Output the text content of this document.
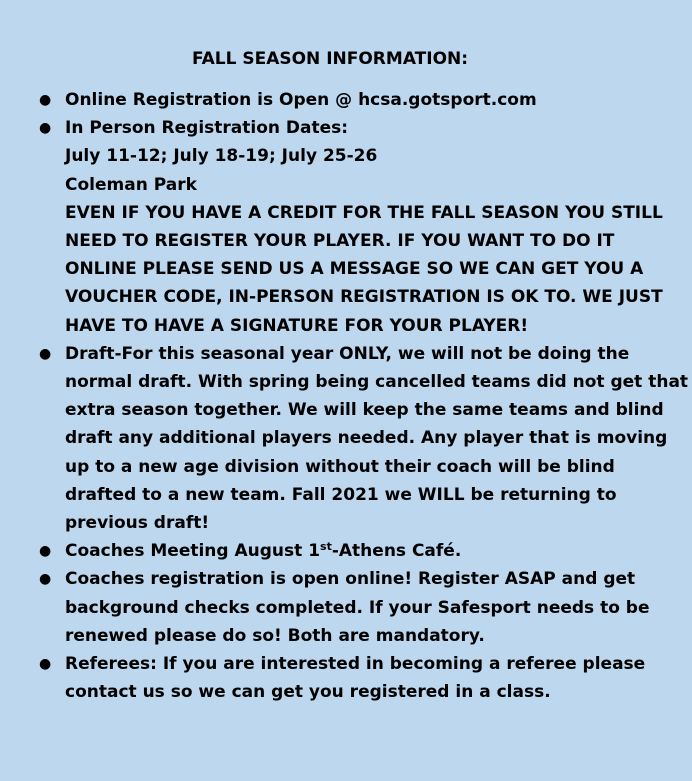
FALL SEASON INFORMATION:
● Online Registration is Open @ hcsa.gotsport.com
● In Person Registration Dates:
July 11-12; July 18-19; July 25-26
Coleman Park
EVEN IF YOU HAVE A CREDIT FOR THE FALL SEASON YOU STILL
NEED TO REGISTER YOUR PLAYER. IF YOU WANT TO DO IT
ONLINE PLEASE SEND US A MESSAGE SO WE CAN GET YOU A
VOUCHER CODE, IN-PERSON REGISTRATION IS OK TO. WE JUST
HAVE TO HAVE A SIGNATURE FOR YOUR PLAYER!
● Draft-For this seasonal year ONLY, we will not be doing the
normal draft. With spring being cancelled teams did not get that
extra season together. We will keep the same teams and blind
draft any additional players needed. Any player that is moving
up to a new age division without their coach will be blind
drafted to a new team. Fall 2021 we WILL be returning to
previous draft!
● Coaches Meeting August 1st-Athens Café.
● Coaches registration is open online! Register ASAP and get
background checks completed. If your Safesport needs to be
renewed please do so! Both are mandatory.
● Referees: If you are interested in becoming a referee please
contact us so we can get you registered in a class.
